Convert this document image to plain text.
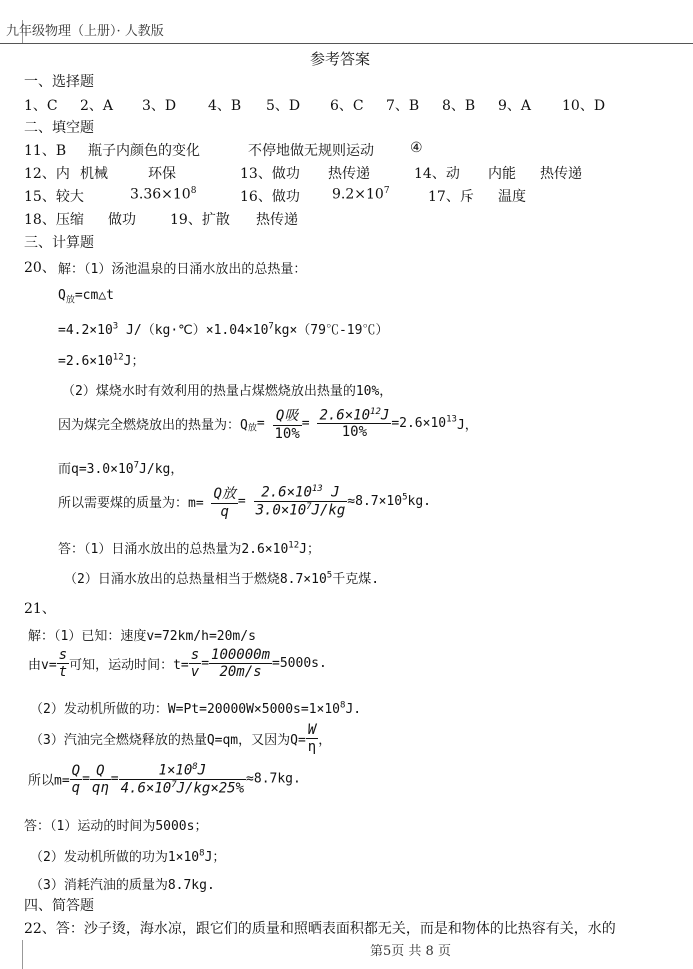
九年级物理（上册）· 人教版
参考答案
一、选择题
1、C 2、A 3、D 4、B 5、D 6、C 7、B 8、B 9、A 10、D
二、填空题
11、B 瓶子内颜色的变化	不停地做无规则运动	④
12、内 机械	环保	13、做功 热传递	14、动 内能 热传递
15、较大	$3.36\times 10^8$	16、做功 $9.2\times 10^7$	17、斥 温度
18、压缩 做功 19、扩散 热传递
三、计算题
20、 解：（1）汤池温泉的日涌水放出的总热量：
$Q_放=cm\triangle t$
$=4.2\times 10^3$ $J/(kg\cdot℃)\times 1.04\times 10^7kg\times(79℃-19℃)$
$=2.6\times 10^{12}J$；
（2）煤烧水时有效利用的热量占煤燃烧放出热量的10%，
因为煤完全燃烧放出的热量为：$Q_放= \frac{\text{Q吸}}{10\%} = \frac{2.6\times 10^{12}J}{10\%} =2.6\times 10^{13}J$，
而$q=3.0\times 10^7J/kg$，
所以需要煤的质量为：$m= \frac{\text{Q放}}{q} = \frac{2.6\times 10^{13} J}{3.0\times 10^7J/kg} \approx 8.7\times 10^5kg$.
答：（1）日涌水放出的总热量为$2.6\times 10^{12}J$；
（2）日涌水放出的总热量相当于燃烧$8.7\times 10^5$千克煤.
21、
解：（1）已知：速度v=72km/h=20m/s
由$v= \frac{s}{t}$ 可知，运动时间：$t= \frac{s}{v} = \frac{100000m}{20m/s} =5000s$.
（2）发动机所做的功：$W=Pt=20000W\times 5000s=1\times 10^8J$.
（3）汽油完全燃烧释放的热量Q=qm，又因为$Q= \frac{W}{\eta}$ ，
所以$m= \frac{Q}{q} = \frac{Q}{q\eta} = \frac{1\times 10^8J}{4.6\times 10^7J/kg\times 25\%} \approx 8.7kg$.
答：（1）运动的时间为5000s；
（2）发动机所做的功为$1\times 10^8J$；
（3）消耗汽油的质量为8.7kg.
四、简答题
22、答：沙子烫，海水凉，跟它们的质量和照晒表面积都无关，而是和物体的比热容有关，水的
第5页 共 8 页
